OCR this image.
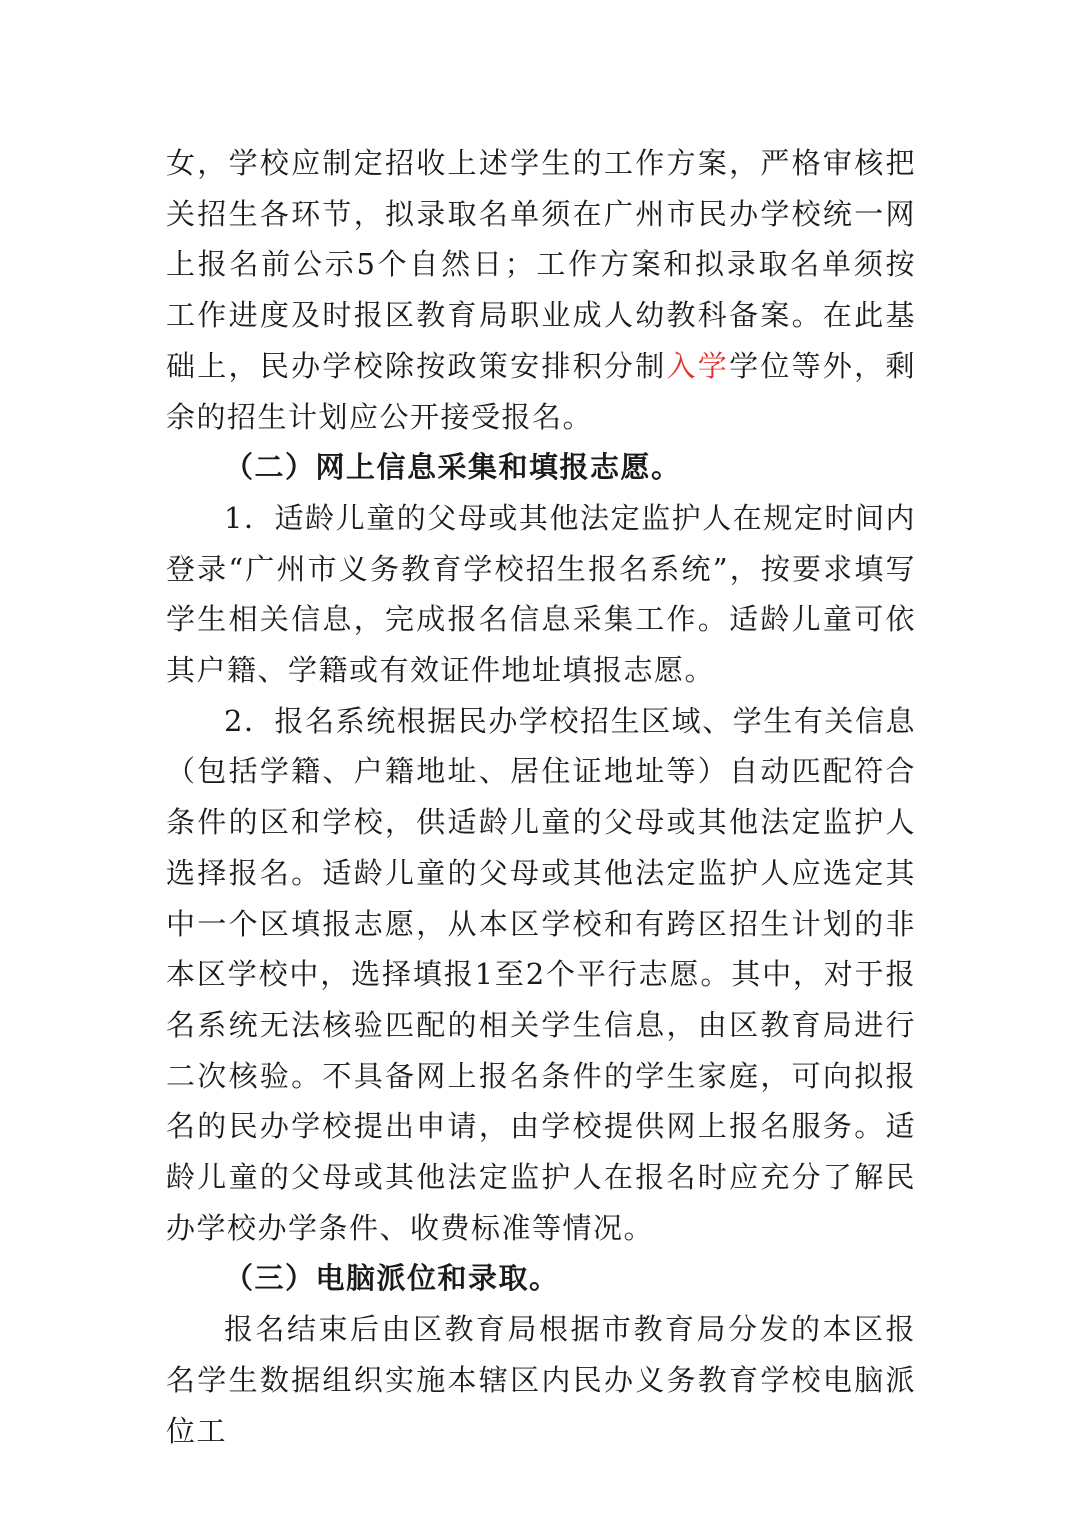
女，学校应制定招收上述学生的工作方案，严格审核把关招生各环节，拟录取名单须在广州市民办学校统一网上报名前公示5个自然日；工作方案和拟录取名单须按工作进度及时报区教育局职业成人幼教科备案。在此基础上，民办学校除按政策安排积分制入学学位等外，剩余的招生计划应公开接受报名。

（二）网上信息采集和填报志愿。

1．适龄儿童的父母或其他法定监护人在规定时间内登录“广州市义务教育学校招生报名系统”，按要求填写学生相关信息，完成报名信息采集工作。适龄儿童可依其户籍、学籍或有效证件地址填报志愿。

2．报名系统根据民办学校招生区域、学生有关信息（包括学籍、户籍地址、居住证地址等）自动匹配符合条件的区和学校，供适龄儿童的父母或其他法定监护人选择报名。适龄儿童的父母或其他法定监护人应选定其中一个区填报志愿，从本区学校和有跨区招生计划的非本区学校中，选择填报1至2个平行志愿。其中，对于报名系统无法核验匹配的相关学生信息，由区教育局进行二次核验。不具备网上报名条件的学生家庭，可向拟报名的民办学校提出申请，由学校提供网上报名服务。适龄儿童的父母或其他法定监护人在报名时应充分了解民办学校办学条件、收费标准等情况。

（三）电脑派位和录取。

报名结束后由区教育局根据市教育局分发的本区报名学生数据组织实施本辖区内民办义务教育学校电脑派位工
